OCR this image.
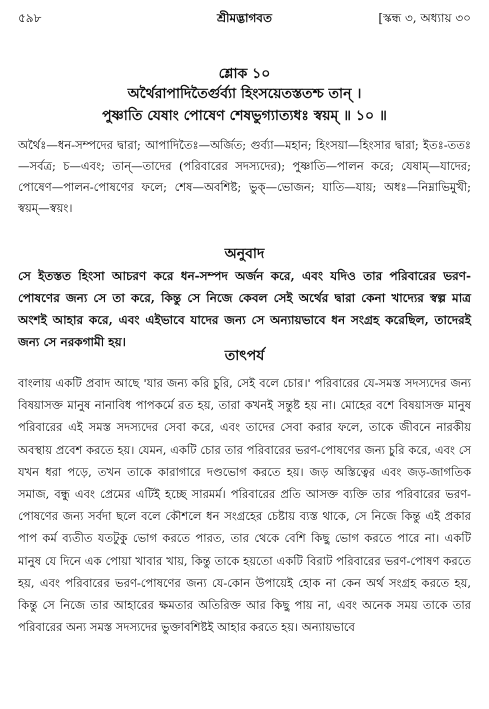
৫৯৮	শ্রীমদ্ভাগবত	[স্কন্ধ ৩, অধ্যায় ৩০
শ্লোক ১০
অর্থৈরাপাদিতৈর্গুর্ব্যা হিংসয়েতস্ততশ্চ তান্ ।
পুষ্ণাতি যেষাং পোষেণ শেষভুগ্যাত্যধঃ স্বয়ম্ ॥ ১০ ॥

অর্থৈঃ—ধন-সম্পদের দ্বারা; আপাদিতৈঃ—অর্জিত; গুর্ব্যা—মহান; হিংসয়া—হিংসার দ্বারা; ইতঃ-ততঃ—সর্বত্র; চ—এবং; তান্—তাদের (পরিবারের সদস্যদের); পুষ্ণাতি—পালন করে; যেষাম্—যাদের; পোষেণ—পালন-পোষণের ফলে; শেষ—অবশিষ্ট; ভুক্—ভোজন; যাতি—যায়; অধঃ—নিম্নাভিমুখী; স্বয়ম্—স্বয়ং।

অনুবাদ

সে ইতস্তত হিংসা আচরণ করে ধন-সম্পদ অর্জন করে, এবং যদিও তার পরিবারের ভরণ-পোষণের জন্য সে তা করে, কিন্তু সে নিজে কেবল সেই অর্থের দ্বারা কেনা খাদ্যের স্বল্প মাত্র অংশই আহার করে, এবং এইভাবে যাদের জন্য সে অন্যায়ভাবে ধন সংগ্রহ করেছিল, তাদেরই জন্য সে নরকগামী হয়।

তাৎপর্য

বাংলায় একটি প্রবাদ আছে 'যার জন্য করি চুরি, সেই বলে চোর।' পরিবারের যে-সমস্ত সদস্যদের জন্য বিষয়াসক্ত মানুষ নানাবিধ পাপকর্মে রত হয়, তারা কখনই সন্তুষ্ট হয় না। মোহের বশে বিষয়াসক্ত মানুষ পরিবারের এই সমস্ত সদস্যদের সেবা করে, এবং তাদের সেবা করার ফলে, তাকে জীবনে নারকীয় অবস্থায় প্রবেশ করতে হয়। যেমন, একটি চোর তার পরিবারের ভরণ-পোষণের জন্য চুরি করে, এবং সে যখন ধরা পড়ে, তখন তাকে কারাগারে দণ্ডভোগ করতে হয়। জড় অস্তিত্বের এবং জড়-জাগতিক সমাজ, বন্ধু এবং প্রেমের এটিই হচ্ছে সারমর্ম। পরিবারের প্রতি আসক্ত ব্যক্তি তার পরিবারের ভরণ-পোষণের জন্য সর্বদা ছলে বলে কৌশলে ধন সংগ্রহের চেষ্টায় ব্যস্ত থাকে, সে নিজে কিন্তু এই প্রকার পাপ কর্ম ব্যতীত যতটুকু ভোগ করতে পারত, তার থেকে বেশি কিছু ভোগ করতে পারে না। একটি মানুষ যে দিনে এক পোয়া খাবার খায়, কিন্তু তাকে হয়তো একটি বিরাট পরিবারের ভরণ-পোষণ করতে হয়, এবং পরিবারের ভরণ-পোষণের জন্য যে-কোন উপায়েই হোক না কেন অর্থ সংগ্রহ করতে হয়, কিন্তু সে নিজে তার আহারের ক্ষমতার অতিরিক্ত আর কিছু পায় না, এবং অনেক সময় তাকে তার পরিবারের অন্য সমস্ত সদস্যদের ভুক্তাবশিষ্টই আহার করতে হয়। অন্যায়ভাবে
